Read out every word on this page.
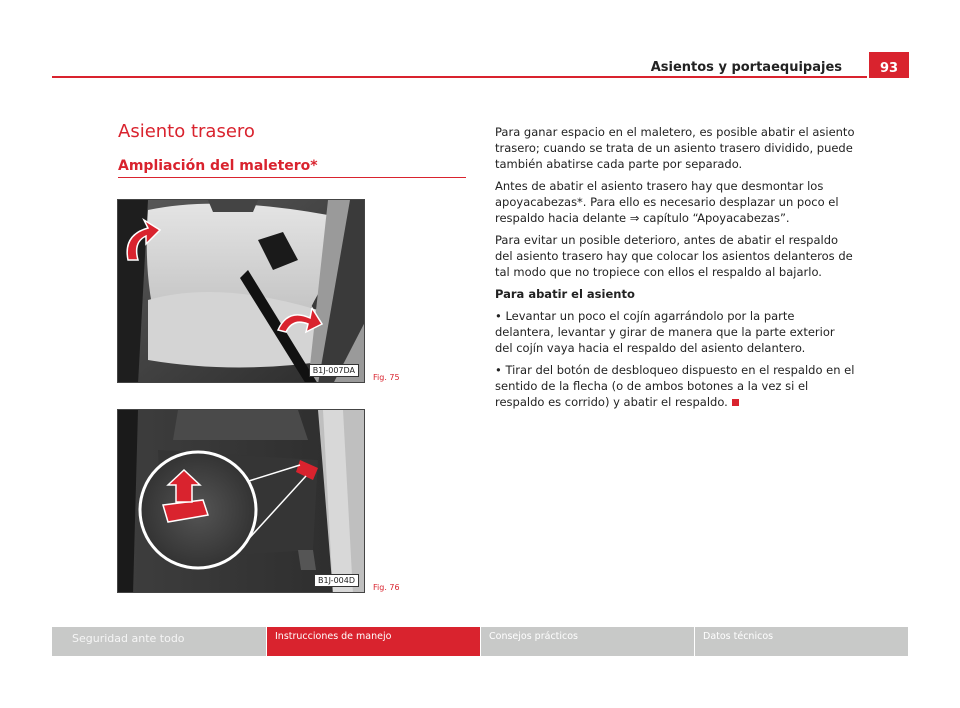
Asientos y portaequipajes	93
Asiento trasero
Ampliación del maletero*
B1J-007DA
Fig. 75
B1J-004D
Fig. 76

Para ganar espacio en el maletero, es posible abatir el asiento trasero; cuando se trata de un asiento trasero dividido, puede también abatirse cada parte por separado.

Antes de abatir el asiento trasero hay que desmontar los apoyacabezas*. Para ello es necesario desplazar un poco el respaldo hacia delante ⇒ capítulo “Apoyacabezas”.

Para evitar un posible deterioro, antes de abatir el respaldo del asiento trasero hay que colocar los asientos delanteros de tal modo que no tropiece con ellos el respaldo al bajarlo.

Para abatir el asiento

• Levantar un poco el cojín agarrándolo por la parte delantera, levantar y girar de manera que la parte exterior del cojín vaya hacia el respaldo del asiento delantero.

• Tirar del botón de desbloqueo dispuesto en el respaldo en el sentido de la flecha (o de ambos botones a la vez si el respaldo es corrido) y abatir el respaldo.

Seguridad ante todo	Instrucciones de manejo	Consejos prácticos	Datos técnicos
